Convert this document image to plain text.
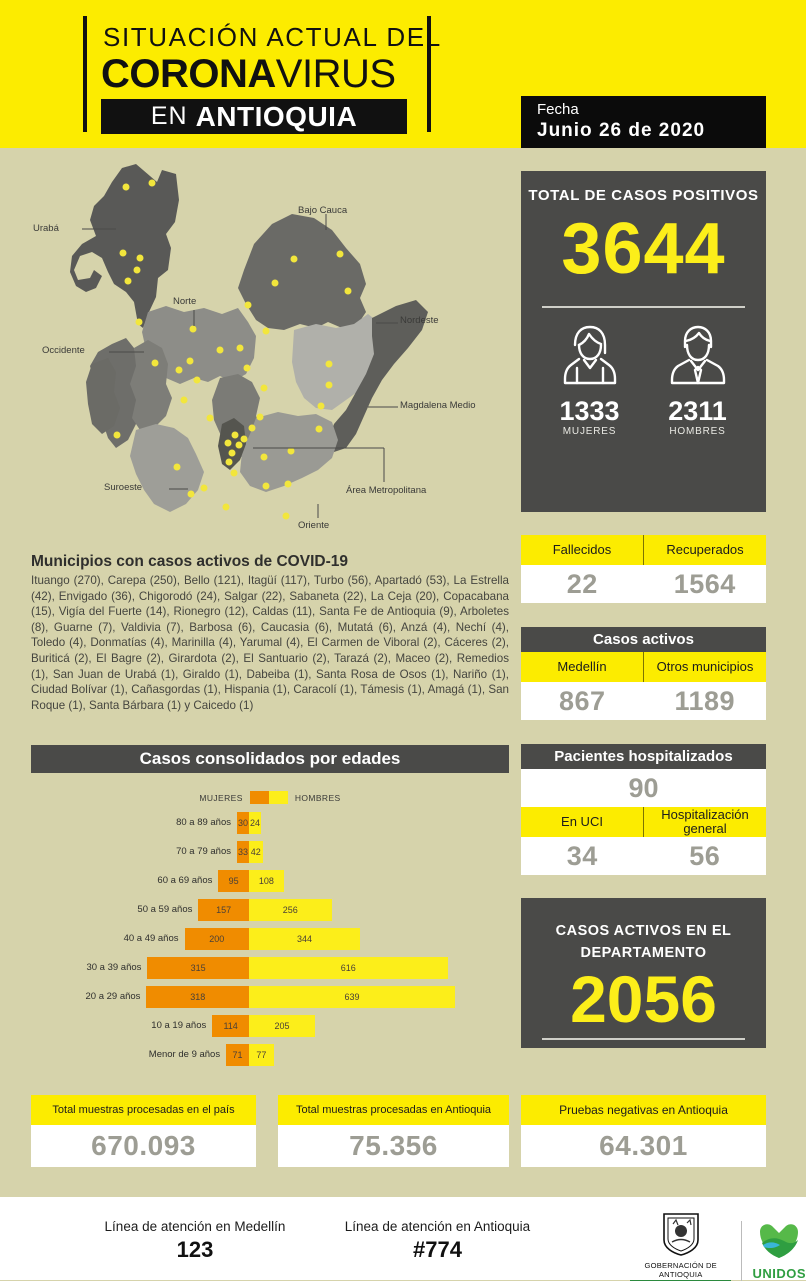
SITUACIÓN ACTUAL DEL
CORONAVIRUS
EN ANTIOQUIA	Fecha
Junio 26 de 2020
Urabá
Bajo Cauca
Norte
Nordeste
Occidente
Magdalena Medio
Suroeste	Área Metropolitana
Oriente
Municipios con casos activos de COVID-19
Ituango (270), Carepa (250), Bello (121), Itagüí (117), Turbo (56), Apartadó (53), La Estrella (42), Envigado (36), Chigorodó (24), Salgar (22), Sabaneta (22), La Ceja (20), Copacabana (15), Vigía del Fuerte (14), Rionegro (12), Caldas (11), Santa Fe de Antioquia (9), Arboletes (8), Guarne (7), Valdivia (7), Barbosa (6), Caucasia (6), Mutatá (6), Anzá (4), Nechí (4), Toledo (4), Donmatías (4), Marinilla (4), Yarumal (4), El Carmen de Viboral (2), Cáceres (2), Buriticá (2), El Bagre (2), Girardota (2), El Santuario (2), Tarazá (2), Maceo (2), Remedios (1), San Juan de Urabá (1), Giraldo (1), Dabeiba (1), Santa Rosa de Osos (1), Nariño (1), Ciudad Bolívar (1), Cañasgordas (1), Hispania (1), Caracolí (1), Támesis (1), Amagá (1), San Roque (1), Santa Bárbara (1) y Caicedo (1)
Casos consolidados por edades
MUJERES	HOMBRES
80 a 89 años 30 24
70 a 79 años 33 42
60 a 69 años	95	108
50 a 59 años	157	256
40 a 49 años	200	344
30 a 39 años	315	616
20 a 29 años	318	639
10 a 19 años	114	205
Menor de 9 años	71	77
Total muestras procesadas en el país
670.093
Total muestras procesadas en Antioquia
75.356
TOTAL DE CASOS POSITIVOS
3644
1333
MUJERES
2311
HOMBRES
Fallecidos	Recuperados
22	1564
Casos activos
Medellín	Otros municipios
867	1189
Pacientes hospitalizados
90
En UCI	Hospitalización general
34	56
CASOS ACTIVOS EN EL
DEPARTAMENTO
2056
Pruebas negativas en Antioquia
64.301
Línea de atención en Medellín
123
Línea de atención en Antioquia
#774
GOBERNACIÓN DE ANTIOQUIA	UNIDOS
